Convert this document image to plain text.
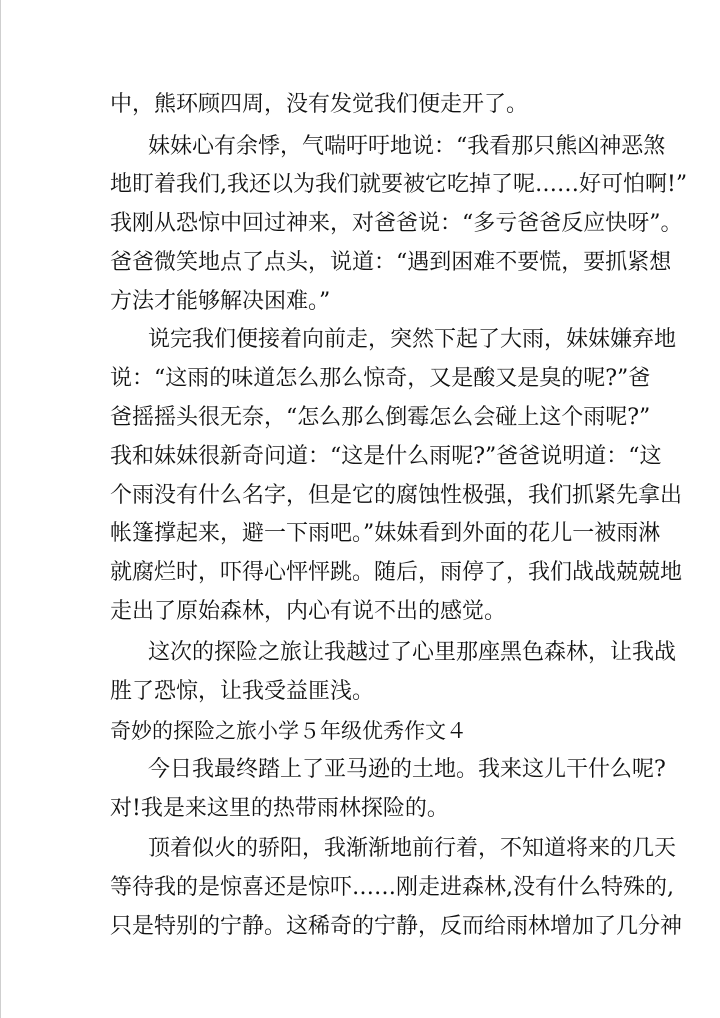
中，熊环顾四周，没有发觉我们便走开了。
妹妹心有余悸，气喘吁吁地说：“我看那只熊凶神恶煞
地盯着我们,我还以为我们就要被它吃掉了呢……好可怕啊!”
我刚从恐惊中回过神来，对爸爸说：“多亏爸爸反应快呀”。
爸爸微笑地点了点头，说道：“遇到困难不要慌，要抓紧想
方法才能够解决困难。”
说完我们便接着向前走，突然下起了大雨，妹妹嫌弃地
说：“这雨的味道怎么那么惊奇，又是酸又是臭的呢?”爸
爸摇摇头很无奈，“怎么那么倒霉怎么会碰上这个雨呢?”
我和妹妹很新奇问道：“这是什么雨呢?”爸爸说明道：“这
个雨没有什么名字，但是它的腐蚀性极强，我们抓紧先拿出
帐篷撑起来，避一下雨吧。”妹妹看到外面的花儿一被雨淋
就腐烂时，吓得心怦怦跳。随后，雨停了，我们战战兢兢地
走出了原始森林，内心有说不出的感觉。
这次的探险之旅让我越过了心里那座黑色森林，让我战
胜了恐惊，让我受益匪浅。
奇妙的探险之旅小学５年级优秀作文４
今日我最终踏上了亚马逊的土地。我来这儿干什么呢?
对!我是来这里的热带雨林探险的。
顶着似火的骄阳，我渐渐地前行着，不知道将来的几天
等待我的是惊喜还是惊吓……刚走进森林,没有什么特殊的,
只是特别的宁静。这稀奇的宁静，反而给雨林增加了几分神
